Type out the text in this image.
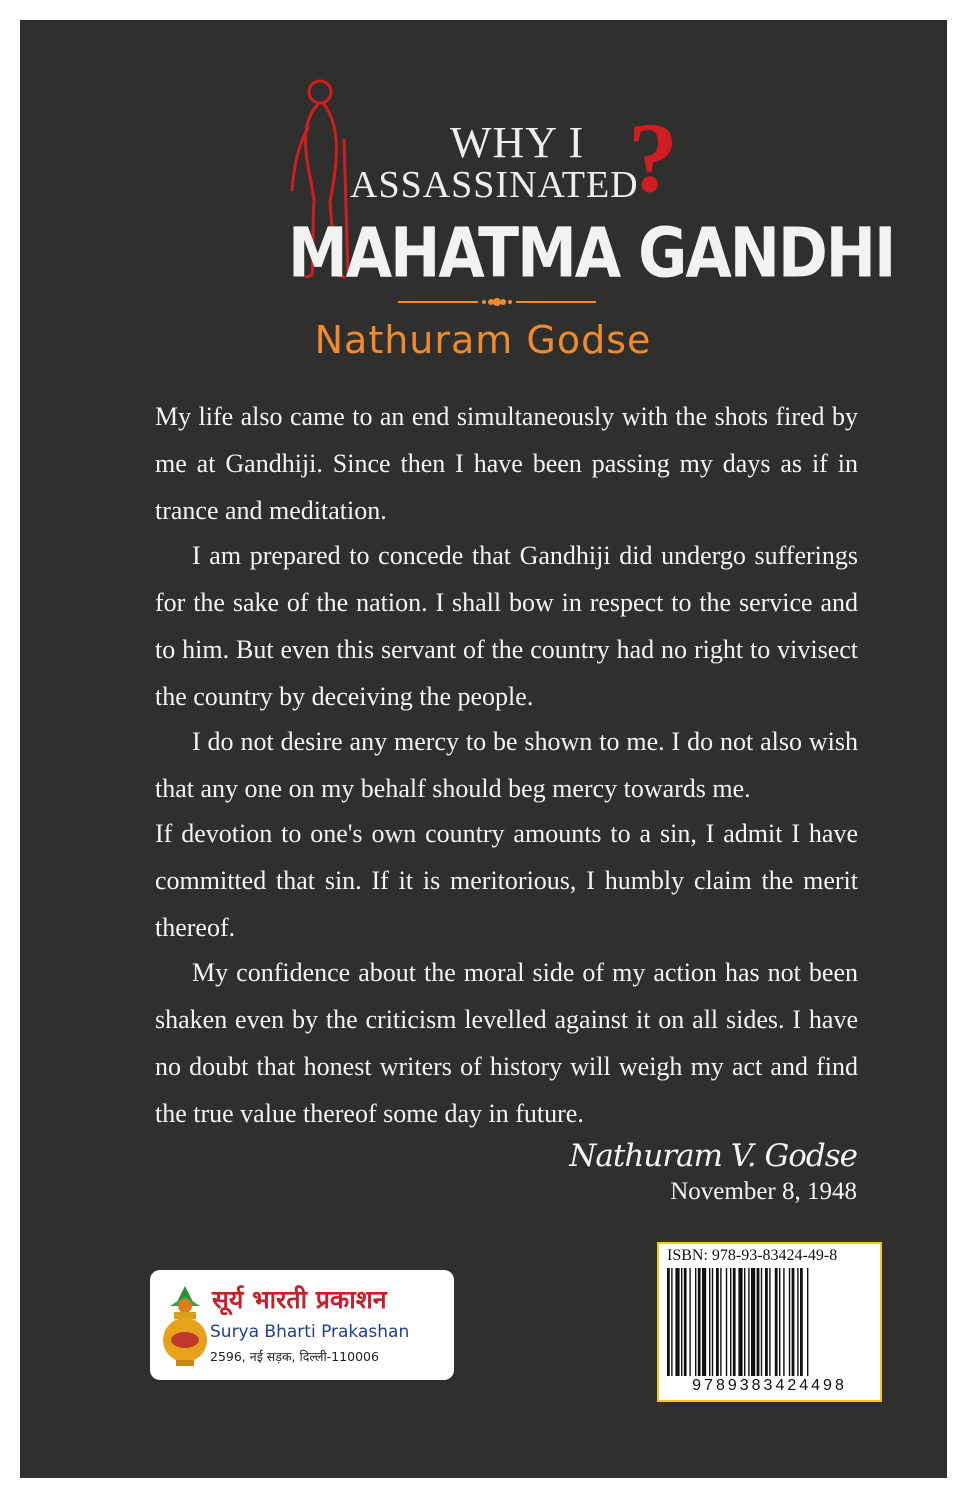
WHY I
ASSASSINATED
?
MAHATMA GANDHI
Nathuram Godse

My life also came to an end simultaneously with the shots fired by me at Gandhiji. Since then I have been passing my days as if in trance and meditation.

I am prepared to concede that Gandhiji did undergo sufferings for the sake of the nation. I shall bow in respect to the service and to him. But even this servant of the country had no right to vivisect the country by deceiving the people.

I do not desire any mercy to be shown to me. I do not also wish that any one on my behalf should beg mercy towards me.

If devotion to one's own country amounts to a sin, I admit I have committed that sin. If it is meritorious, I humbly claim the merit thereof.

My confidence about the moral side of my action has not been shaken even by the criticism levelled against it on all sides. I have no doubt that honest writers of history will weigh my act and find the true value thereof some day in future.

Nathuram V. Godse
November 8, 1948
सूर्य भारती प्रकाशन
Surya Bharti Prakashan
2596, नई सड़क, दिल्ली-110006
ISBN: 978-93-83424-49-8
9789383424498
